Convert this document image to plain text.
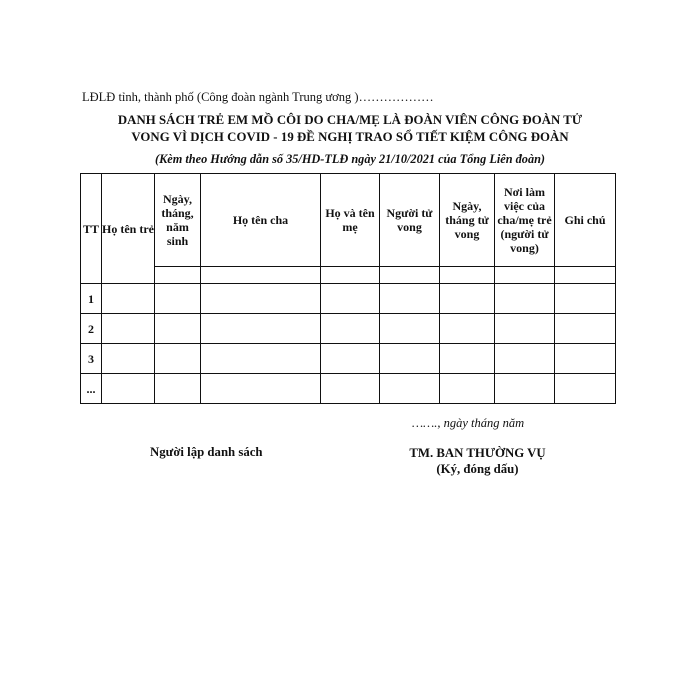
LĐLĐ tỉnh, thành phố (Công đoàn ngành Trung ương )………………
DANH SÁCH TRẺ EM MỒ CÔI DO CHA/MẸ LÀ ĐOÀN VIÊN CÔNG ĐOÀN TỬ
VONG VÌ DỊCH COVID - 19 ĐỀ NGHỊ TRAO SỔ TIẾT KIỆM CÔNG ĐOÀN
(Kèm theo Hướng dẫn số 35/HD-TLĐ ngày 21/10/2021 của Tổng Liên đoàn)
TT	Họ tên trẻ	Ngày, tháng, năm sinh	Họ tên cha	Họ và tên mẹ	Người tử vong	Ngày, tháng tử vong	Nơi làm việc của cha/mẹ trẻ (người tử vong)	Ghi chú

1								
2								
3								
...								
……., ngày tháng năm
Người lập danh sách	TM. BAN THƯỜNG VỤ
(Ký, đóng dấu)
